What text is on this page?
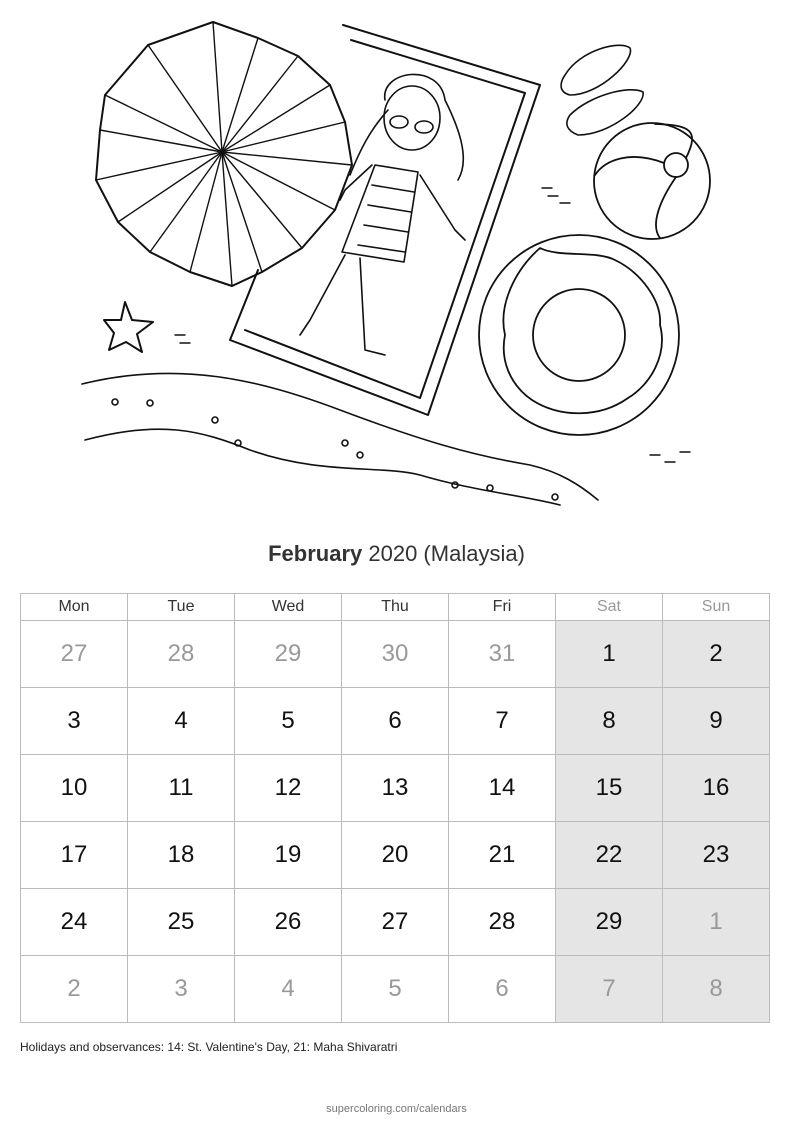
February 2020 (Malaysia)
Mon	Tue	Wed	Thu	Fri	Sat	Sun
27	28	29	30	31	1	2
3	4	5	6	7	8	9
10	11	12	13	14	15	16
17	18	19	20	21	22	23
24	25	26	27	28	29	1
2	3	4	5	6	7	8
Holidays and observances: 14: St. Valentine's Day, 21: Maha Shivaratri
supercoloring.com/calendars
